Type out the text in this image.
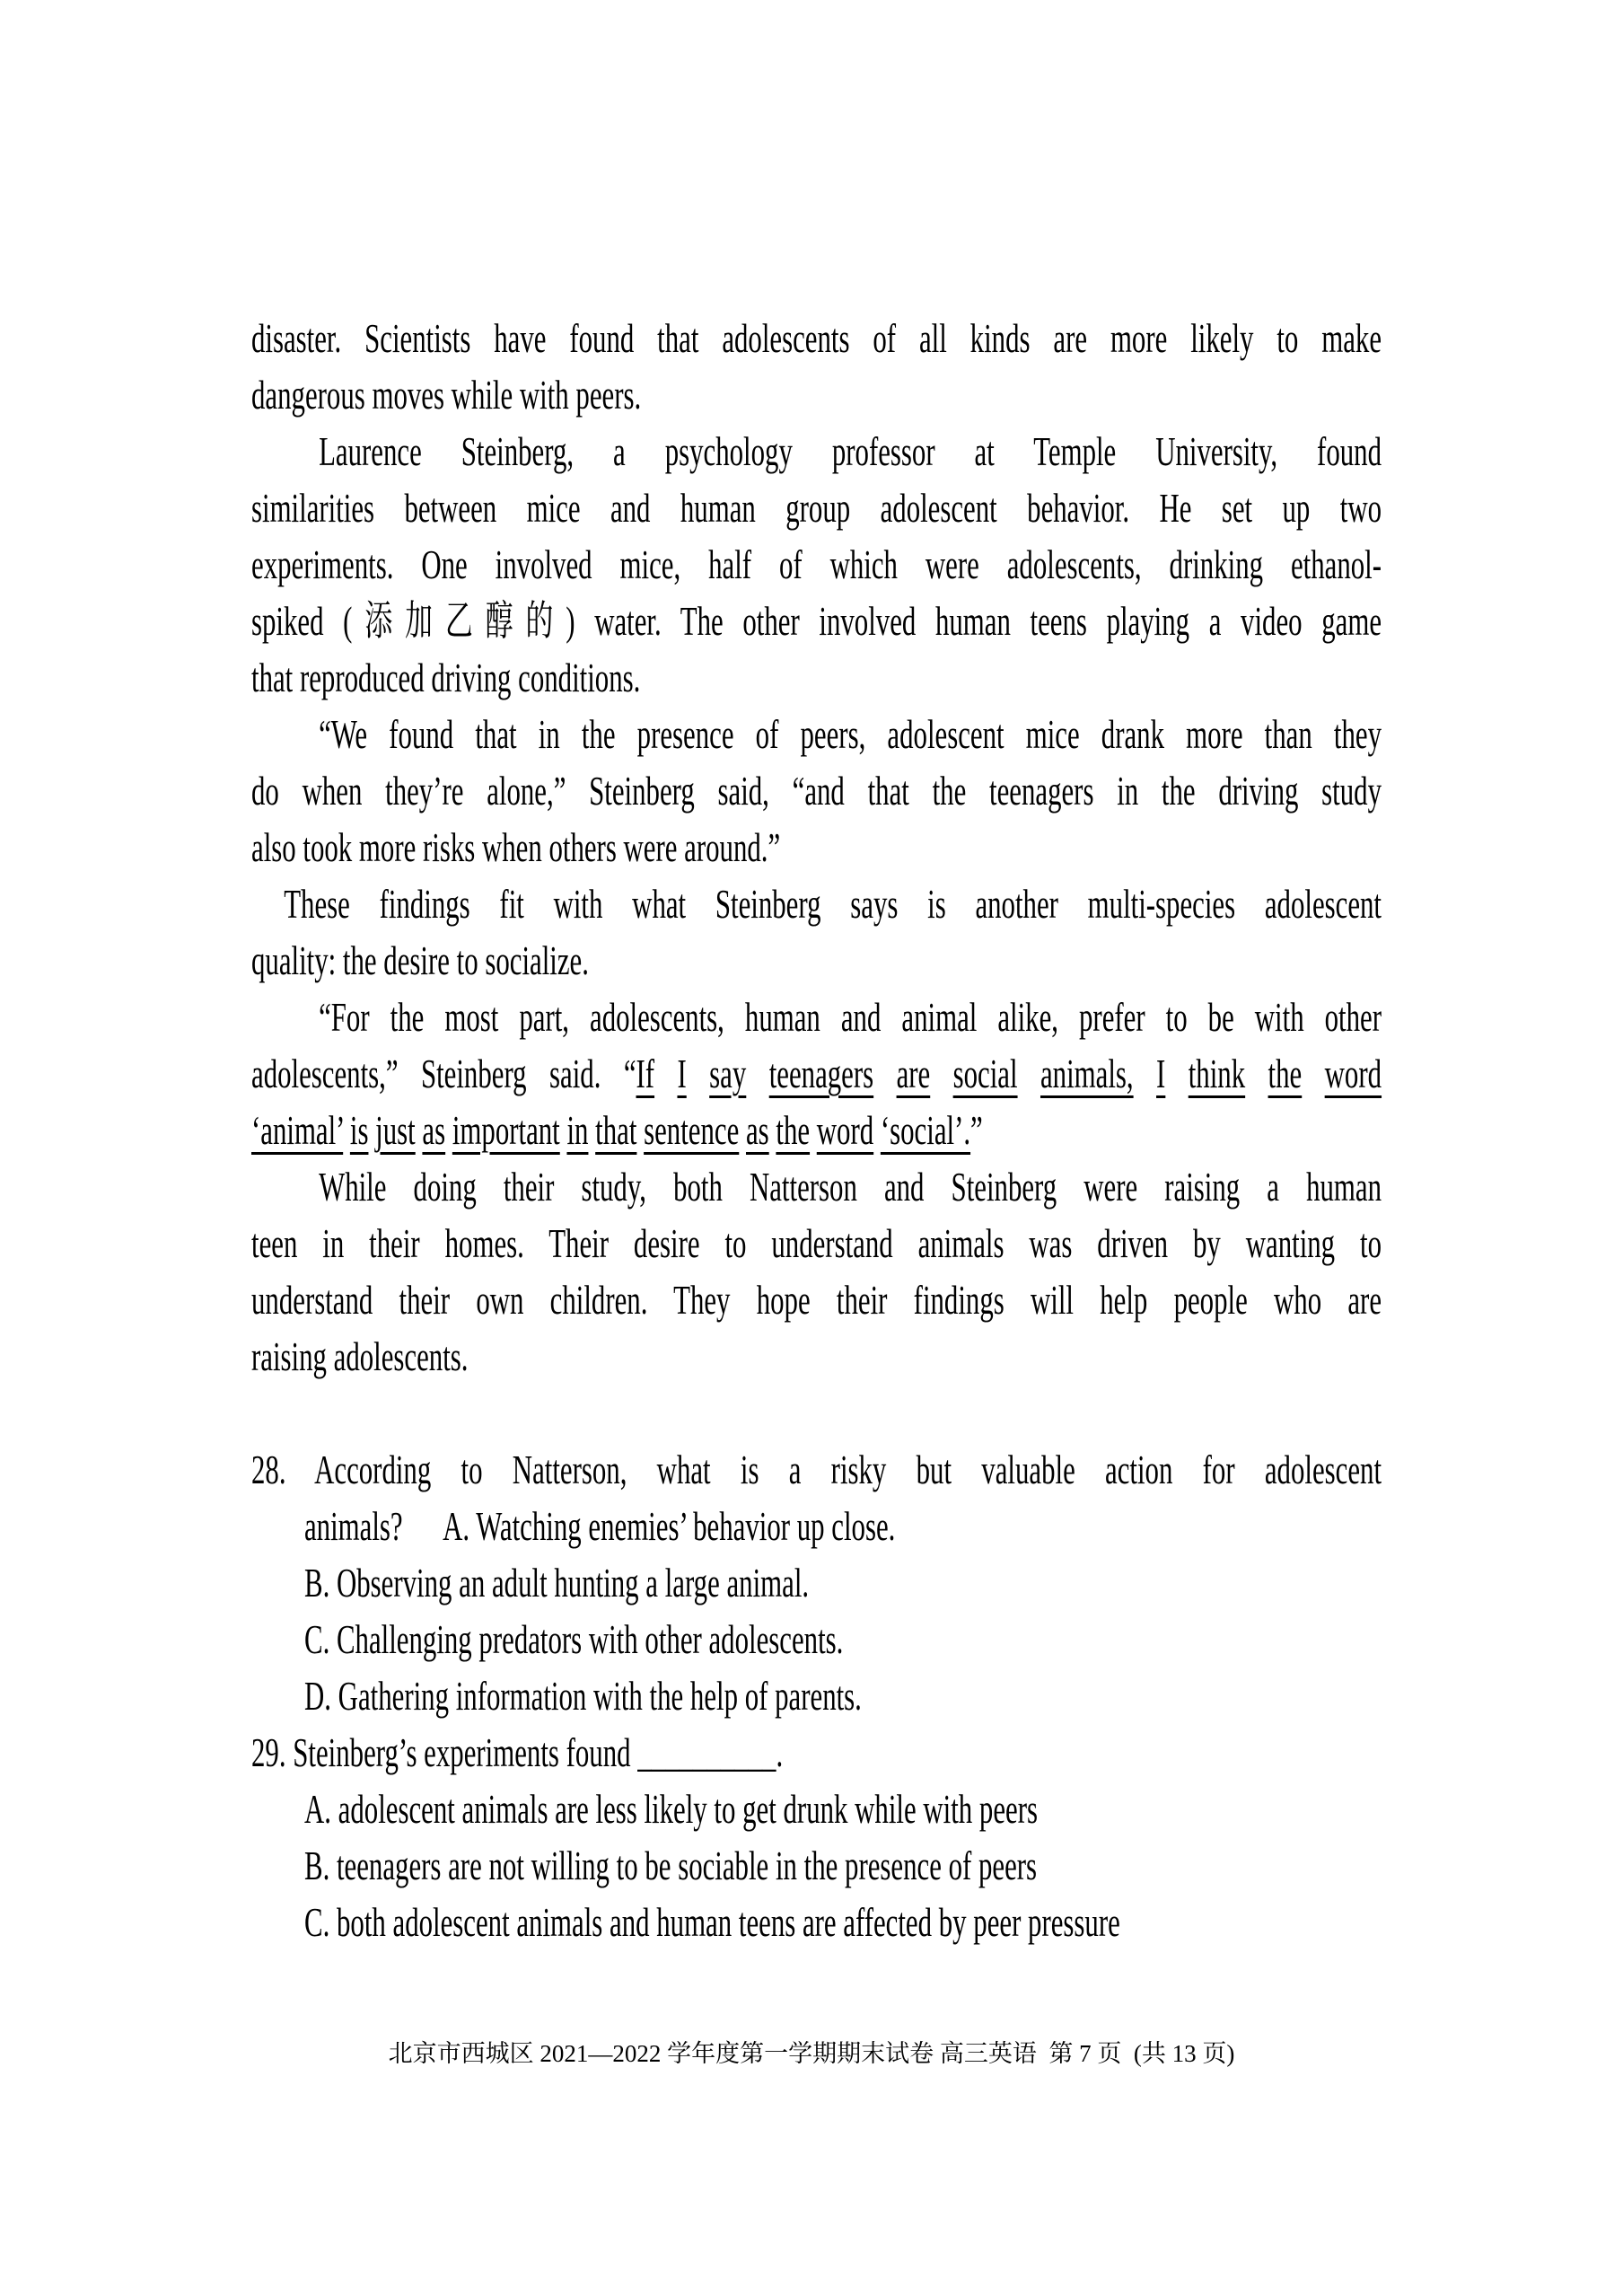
disaster. Scientists have found that adolescents of all kinds are more likely to make
dangerous moves while with peers.
Laurence Steinberg, a psychology professor at Temple University, found
similarities between mice and human group adolescent behavior. He set up two
experiments. One involved mice, half of which were adolescents, drinking ethanol-
spiked (添加乙醇的) water. The other involved human teens playing a video game
that reproduced driving conditions.
“We found that in the presence of peers, adolescent mice drank more than they
do when they’re alone,” Steinberg said, “and that the teenagers in the driving study
also took more risks when others were around.”
These findings fit with what Steinberg says is another multi-species adolescent
quality: the desire to socialize.
“For the most part, adolescents, human and animal alike, prefer to be with other
adolescents,” Steinberg said. “If I say teenagers are social animals, I think the word
‘animal’ is just as important in that sentence as the word ‘social’.”
While doing their study, both Natterson and Steinberg were raising a human
teen in their homes. Their desire to understand animals was driven by wanting to
understand their own children. They hope their findings will help people who are
raising adolescents.
28. According to Natterson, what is a risky but valuable action for adolescent
animals?      A. Watching enemies’ behavior up close.
B. Observing an adult hunting a large animal.
C. Challenging predators with other adolescents.
D. Gathering information with the help of parents.
29. Steinberg’s experiments found __________.
A. adolescent animals are less likely to get drunk while with peers
B. teenagers are not willing to be sociable in the presence of peers
C. both adolescent animals and human teens are affected by peer pressure
北京市西城区 2021—2022 学年度第一学期期末试卷 高三英语  第 7 页  (共 13 页)
